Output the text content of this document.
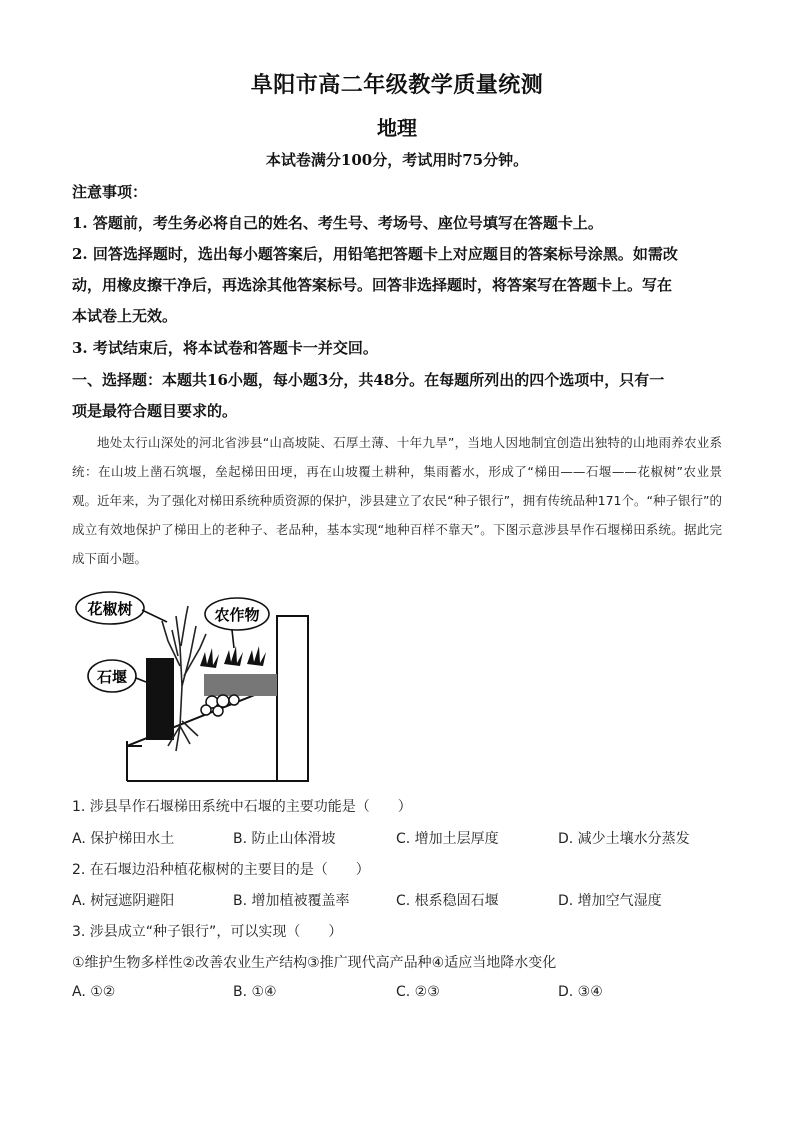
阜阳市高二年级教学质量统测
地理
本试卷满分100分，考试用时75分钟。
注意事项：
1. 答题前，考生务必将自己的姓名、考生号、考场号、座位号填写在答题卡上。
2. 回答选择题时，选出每小题答案后，用铅笔把答题卡上对应题目的答案标号涂黑。如需改
动，用橡皮擦干净后，再选涂其他答案标号。回答非选择题时，将答案写在答题卡上。写在
本试卷上无效。
3. 考试结束后，将本试卷和答题卡一并交回。
一、选择题：本题共16小题，每小题3分，共48分。在每题所列出的四个选项中，只有一
项是最符合题目要求的。

地处太行山深处的河北省涉县“山高坡陡、石厚土薄、十年九旱”，当地人因地制宜创造出独特的山地雨养农业系统：在山坡上凿石筑堰，垒起梯田田埂，再在山坡覆土耕种，集雨蓄水，形成了“梯田——石堰——花椒树”农业景观。近年来，为了强化对梯田系统种质资源的保护，涉县建立了农民“种子银行”，拥有传统品种171个。“种子银行”的成立有效地保护了梯田上的老种子、老品种，基本实现“地种百样不靠天”。下图示意涉县旱作石堰梯田系统。据此完成下面小题。

花椒树	农作物
石堰
1. 涉县旱作石堰梯田系统中石堰的主要功能是（　　）
A. 保护梯田水土	B. 防止山体滑坡	C. 增加土层厚度	D. 减少土壤水分蒸发
2. 在石堰边沿种植花椒树的主要目的是（　　）
A. 树冠遮阴避阳	B. 增加植被覆盖率	C. 根系稳固石堰	D. 增加空气湿度
3. 涉县成立“种子银行”，可以实现（　　）
①维护生物多样性②改善农业生产结构③推广现代高产品种④适应当地降水变化
A. ①②	B. ①④	C. ②③	D. ③④
